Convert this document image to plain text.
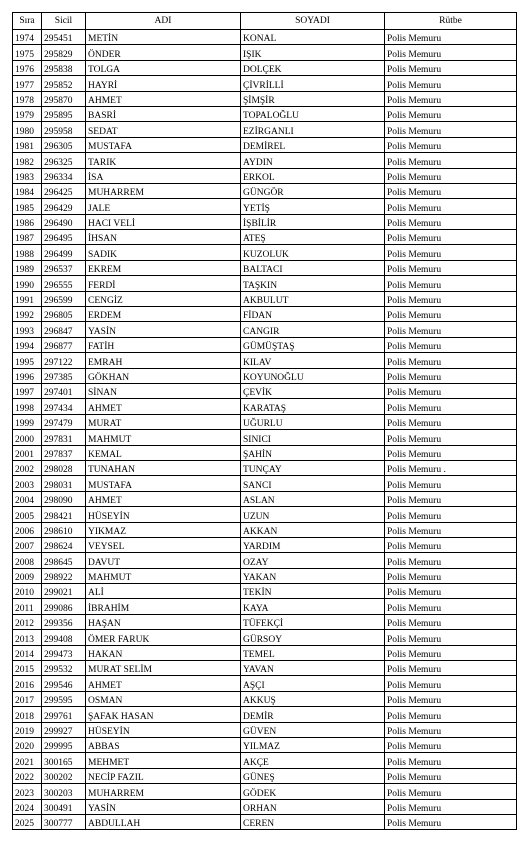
Sıra	Sicil	ADI	SOYADI	Rütbe
1974	295451	METİN	KONAL	Polis Memuru
1975	295829	ÖNDER	IŞIK	Polis Memuru
1976	295838	TOLGA	DOLÇEK	Polis Memuru
1977	295852	HAYRİ	ÇİVRİLLİ	Polis Memuru
1978	295870	AHMET	ŞİMŞİR	Polis Memuru
1979	295895	BASRİ	TOPALOĞLU	Polis Memuru
1980	295958	SEDAT	EZİRGANLI	Polis Memuru
1981	296305	MUSTAFA	DEMİREL	Polis Memuru
1982	296325	TARIK	AYDIN	Polis Memuru
1983	296334	İSA	ERKOL	Polis Memuru
1984	296425	MUHARREM	GÜNGÖR	Polis Memuru
1985	296429	JALE	YETİŞ	Polis Memuru
1986	296490	HACI VELİ	İŞBİLİR	Polis Memuru
1987	296495	İHSAN	ATEŞ	Polis Memuru
1988	296499	SADIK	KUZOLUK	Polis Memuru
1989	296537	EKREM	BALTACI	Polis Memuru
1990	296555	FERDİ	TAŞKIN	Polis Memuru
1991	296599	CENGİZ	AKBULUT	Polis Memuru
1992	296805	ERDEM	FİDAN	Polis Memuru
1993	296847	YASİN	CANGIR	Polis Memuru
1994	296877	FATİH	GÜMÜŞTAŞ	Polis Memuru
1995	297122	EMRAH	KILAV	Polis Memuru
1996	297385	GÖKHAN	KOYUNOĞLU	Polis Memuru
1997	297401	SİNAN	ÇEVİK	Polis Memuru
1998	297434	AHMET	KARATAŞ	Polis Memuru
1999	297479	MURAT	UĞURLU	Polis Memuru
2000	297831	MAHMUT	SINICI	Polis Memuru
2001	297837	KEMAL	ŞAHİN	Polis Memuru
2002	298028	TUNAHAN	TUNÇAY	Polis Memuru .
2003	298031	MUSTAFA	SANCI	Polis Memuru
2004	298090	AHMET	ASLAN	Polis Memuru
2005	298421	HÜSEYİN	UZUN	Polis Memuru
2006	298610	YIKMAZ	AKKAN	Polis Memuru
2007	298624	VEYSEL	YARDIM	Polis Memuru
2008	298645	DAVUT	OZAY	Polis Memuru
2009	298922	MAHMUT	YAKAN	Polis Memuru
2010	299021	ALİ	TEKİN	Polis Memuru
2011	299086	İBRAHİM	KAYA	Polis Memuru
2012	299356	HAŞAN	TÜFEKÇİ	Polis Memuru
2013	299408	ÖMER FARUK	GÜRSOY	Polis Memuru
2014	299473	HAKAN	TEMEL	Polis Memuru
2015	299532	MURAT SELİM	YAVAN	Polis Memuru
2016	299546	AHMET	AŞÇI	Polis Memuru
2017	299595	OSMAN	AKKUŞ	Polis Memuru
2018	299761	ŞAFAK HASAN	DEMİR	Polis Memuru
2019	299927	HÜSEYİN	GÜVEN	Polis Memuru
2020	299995	ABBAS	YILMAZ	Polis Memuru
2021	300165	MEHMET	AKÇE	Polis Memuru
2022	300202	NECİP FAZIL	GÜNEŞ	Polis Memuru
2023	300203	MUHARREM	GÖDEK	Polis Memuru
2024	300491	YASİN	ORHAN	Polis Memuru
2025	300777	ABDULLAH	CEREN	Polis Memuru
